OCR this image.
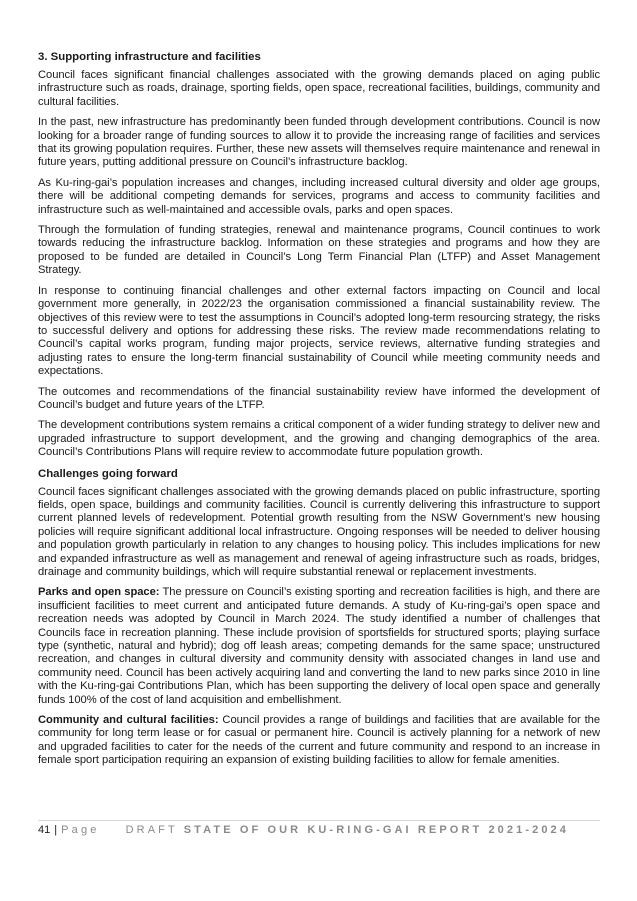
3. Supporting infrastructure and facilities

Council faces significant financial challenges associated with the growing demands placed on aging public infrastructure such as roads, drainage, sporting fields, open space, recreational facilities, buildings, community and cultural facilities.

In the past, new infrastructure has predominantly been funded through development contributions. Council is now looking for a broader range of funding sources to allow it to provide the increasing range of facilities and services that its growing population requires. Further, these new assets will themselves require maintenance and renewal in future years, putting additional pressure on Council’s infrastructure backlog.

As Ku-ring-gai’s population increases and changes, including increased cultural diversity and older age groups, there will be additional competing demands for services, programs and access to community facilities and infrastructure such as well-maintained and accessible ovals, parks and open spaces.

Through the formulation of funding strategies, renewal and maintenance programs, Council continues to work towards reducing the infrastructure backlog. Information on these strategies and programs and how they are proposed to be funded are detailed in Council’s Long Term Financial Plan (LTFP) and Asset Management Strategy.

In response to continuing financial challenges and other external factors impacting on Council and local government more generally, in 2022/23 the organisation commissioned a financial sustainability review. The objectives of this review were to test the assumptions in Council’s adopted long-term resourcing strategy, the risks to successful delivery and options for addressing these risks. The review made recommendations relating to Council’s capital works program, funding major projects, service reviews, alternative funding strategies and adjusting rates to ensure the long-term financial sustainability of Council while meeting community needs and expectations.

The outcomes and recommendations of the financial sustainability review have informed the development of Council’s budget and future years of the LTFP.

The development contributions system remains a critical component of a wider funding strategy to deliver new and upgraded infrastructure to support development, and the growing and changing demographics of the area. Council’s Contributions Plans will require review to accommodate future population growth.

Challenges going forward

Council faces significant challenges associated with the growing demands placed on public infrastructure, sporting fields, open space, buildings and community facilities. Council is currently delivering this infrastructure to support current planned levels of redevelopment. Potential growth resulting from the NSW Government’s new housing policies will require significant additional local infrastructure. Ongoing responses will be needed to deliver housing and population growth particularly in relation to any changes to housing policy. This includes implications for new and expanded infrastructure as well as management and renewal of ageing infrastructure such as roads, bridges, drainage and community buildings, which will require substantial renewal or replacement investments.

Parks and open space: The pressure on Council’s existing sporting and recreation facilities is high, and there are insufficient facilities to meet current and anticipated future demands. A study of Ku-ring-gai’s open space and recreation needs was adopted by Council in March 2024. The study identified a number of challenges that Councils face in recreation planning. These include provision of sportsfields for structured sports; playing surface type (synthetic, natural and hybrid); dog off leash areas; competing demands for the same space; unstructured recreation, and changes in cultural diversity and community density with associated changes in land use and community need. Council has been actively acquiring land and converting the land to new parks since 2010 in line with the Ku-ring-gai Contributions Plan, which has been supporting the delivery of local open space and generally funds 100% of the cost of land acquisition and embellishment.

Community and cultural facilities: Council provides a range of buildings and facilities that are available for the community for long term lease or for casual or permanent hire. Council is actively planning for a network of new and upgraded facilities to cater for the needs of the current and future community and respond to an increase in female sport participation requiring an expansion of existing building facilities to allow for female amenities.

41 | Page DRAFT STATE OF OUR KU-RING-GAI REPORT 2021-2024
